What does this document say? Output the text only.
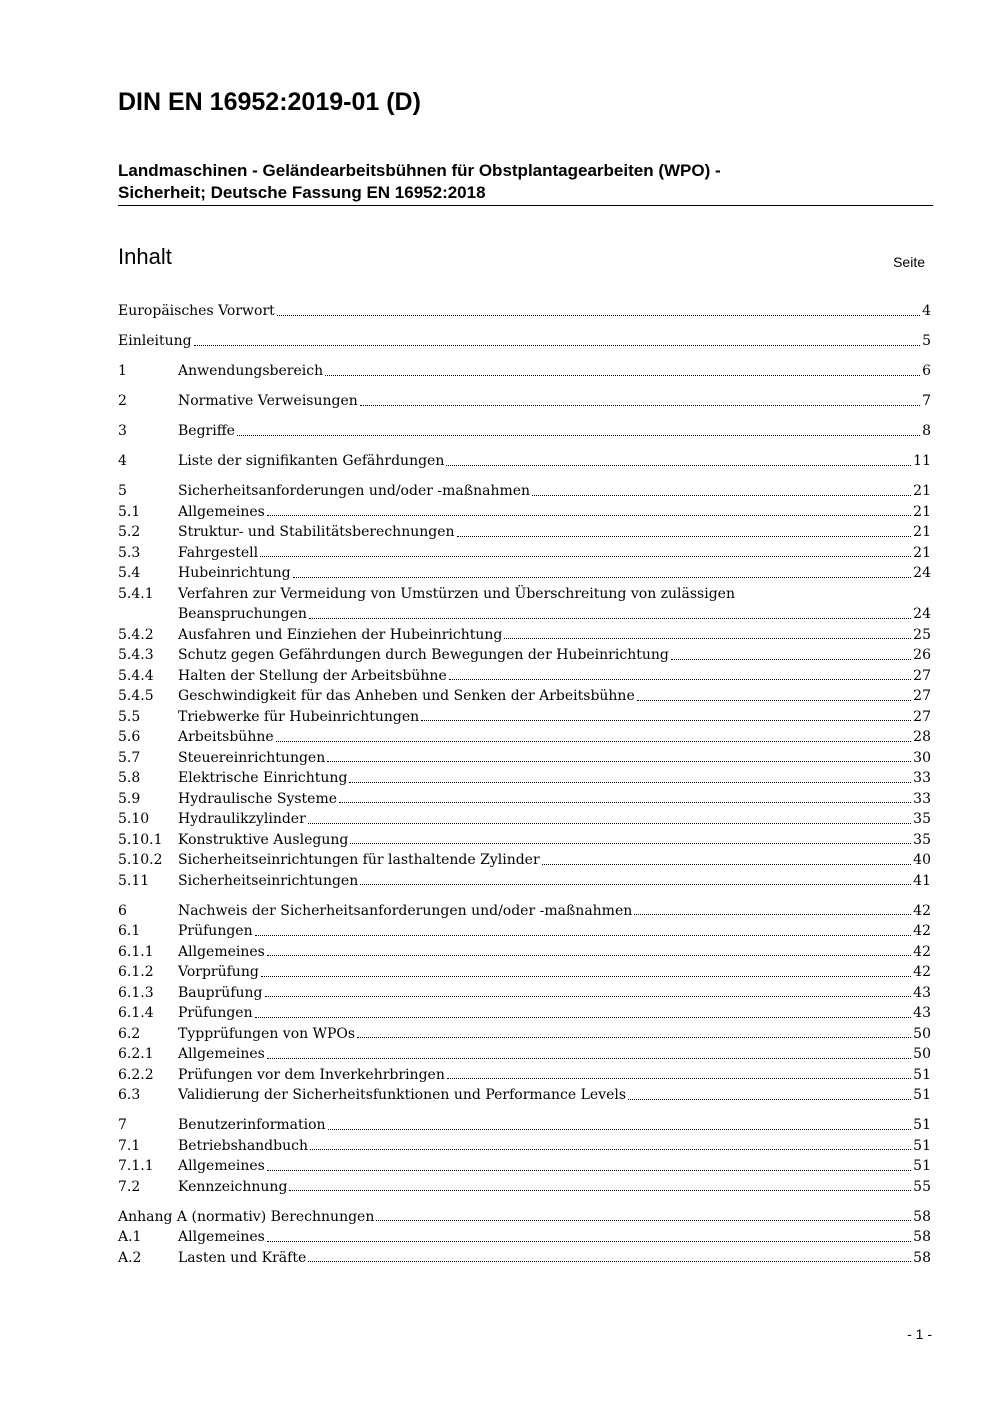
DIN EN 16952:2019-01 (D)
Landmaschinen - Geländearbeitsbühnen für Obstplantagearbeiten (WPO) -
Sicherheit; Deutsche Fassung EN 16952:2018
Inhalt	Seite
Europäisches Vorwort	4
Einleitung	5
1	Anwendungsbereich	6
2	Normative Verweisungen	7
3	Begriffe	8
4	Liste der signifikanten Gefährdungen	11
5	Sicherheitsanforderungen und/oder -maßnahmen	21
5.1	Allgemeines	21
5.2	Struktur- und Stabilitätsberechnungen	21
5.3	Fahrgestell	21
5.4	Hubeinrichtung	24
5.4.1 Verfahren zur Vermeidung von Umstürzen und Überschreitung von zulässigen
Beanspruchungen	24
5.4.2 Ausfahren und Einziehen der Hubeinrichtung	25
5.4.3 Schutz gegen Gefährdungen durch Bewegungen der Hubeinrichtung	26
5.4.4 Halten der Stellung der Arbeitsbühne	27
5.4.5 Geschwindigkeit für das Anheben und Senken der Arbeitsbühne	27
5.5	Triebwerke für Hubeinrichtungen	27
5.6	Arbeitsbühne	28
5.7	Steuereinrichtungen	30
5.8	Elektrische Einrichtung	33
5.9	Hydraulische Systeme	33
5.10 Hydraulikzylinder	35
5.10.1 Konstruktive Auslegung	35
5.10.2 Sicherheitseinrichtungen für lasthaltende Zylinder	40
5.11 Sicherheitseinrichtungen	41
6	Nachweis der Sicherheitsanforderungen und/oder -maßnahmen	42
6.1	Prüfungen	42
6.1.1 Allgemeines	42
6.1.2 Vorprüfung	42
6.1.3 Bauprüfung	43
6.1.4 Prüfungen	43
6.2	Typprüfungen von WPOs	50
6.2.1 Allgemeines	50
6.2.2 Prüfungen vor dem Inverkehrbringen	51
6.3	Validierung der Sicherheitsfunktionen und Performance Levels	51
7	Benutzerinformation	51
7.1	Betriebshandbuch	51
7.1.1 Allgemeines	51
7.2	Kennzeichnung	55
Anhang A (normativ) Berechnungen	58
A.1	Allgemeines	58
A.2	Lasten und Kräfte	58
- 1 -
